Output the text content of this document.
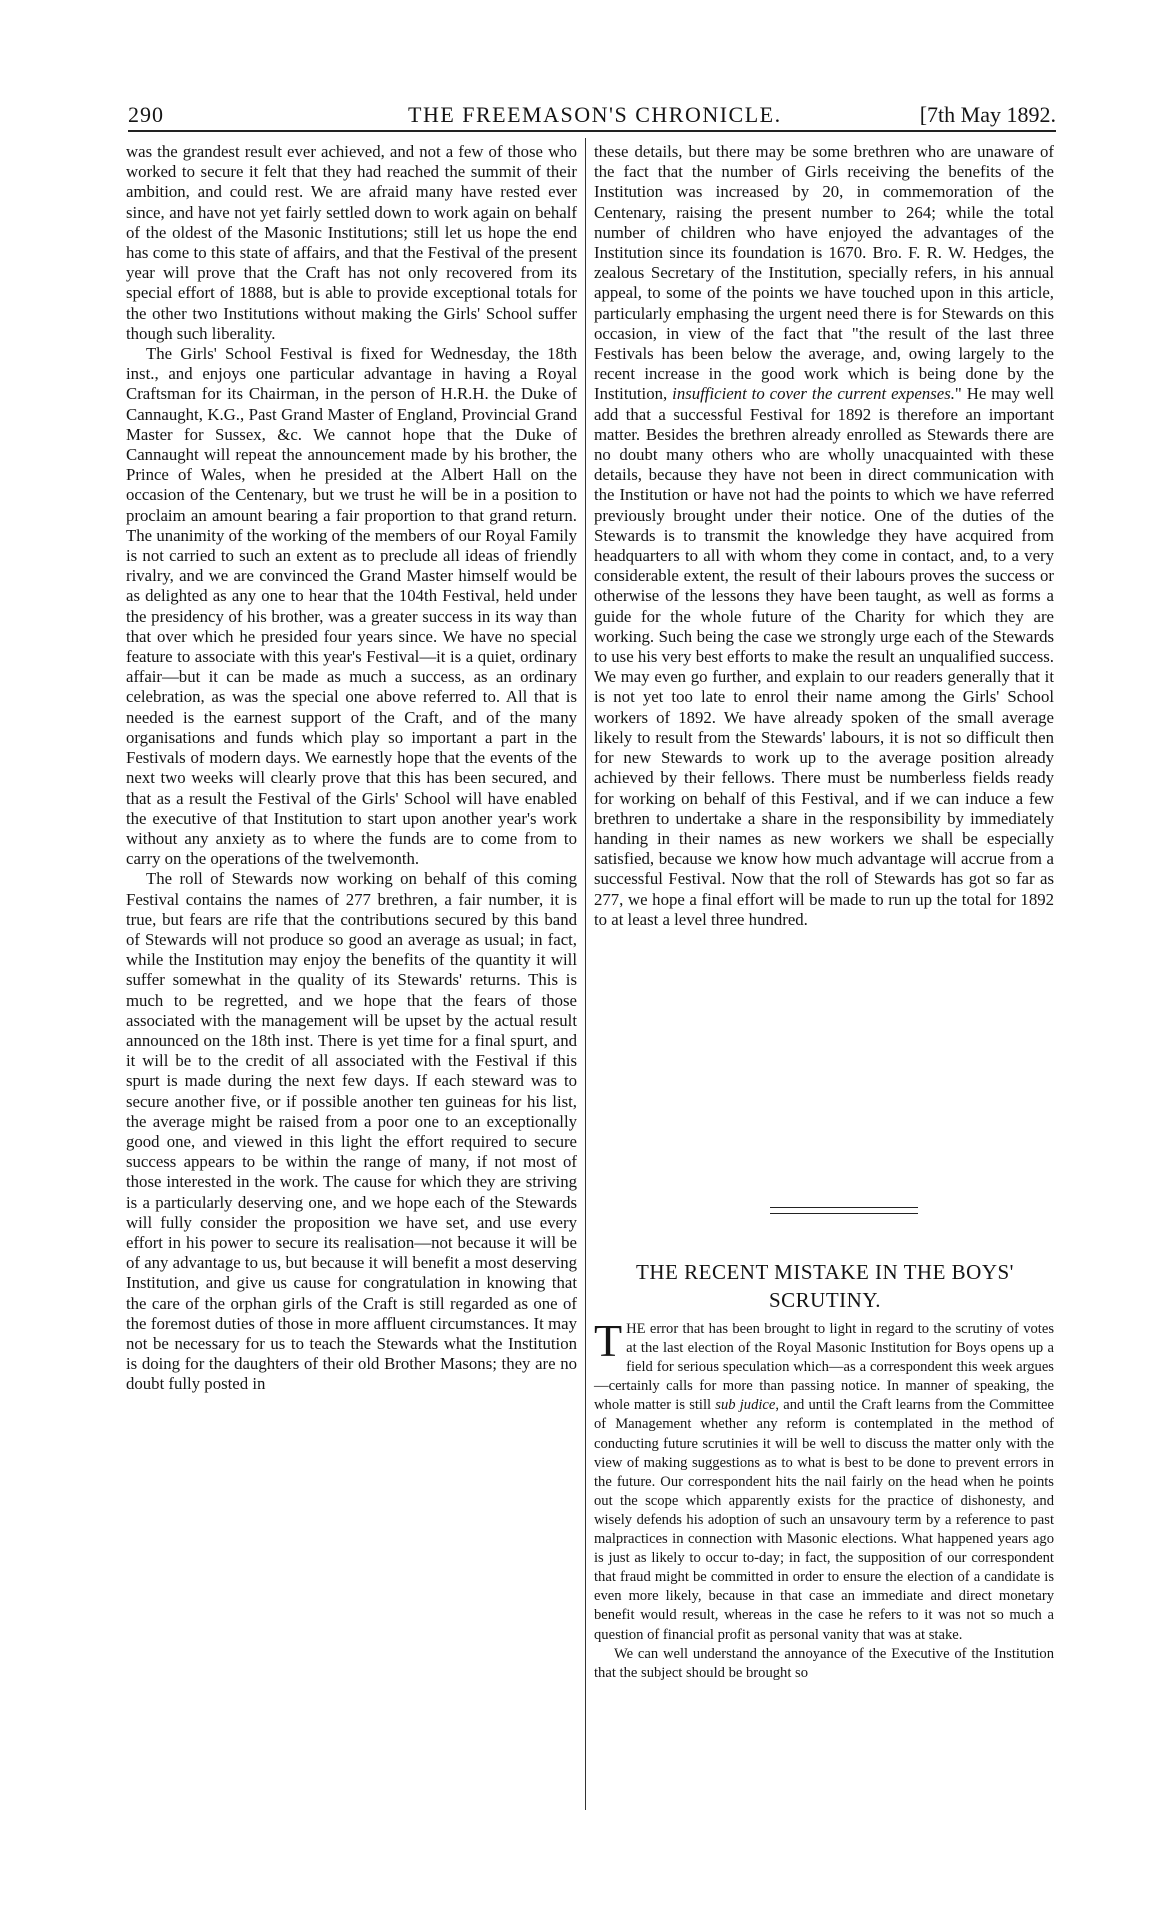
290	THE FREEMASON'S CHRONICLE.	[7th May 1892.

was the grandest result ever achieved, and not a few of those who worked to secure it felt that they had reached the summit of their ambition, and could rest. We are afraid many have rested ever since, and have not yet fairly settled down to work again on behalf of the oldest of the Masonic Institutions; still let us hope the end has come to this state of affairs, and that the Festival of the present year will prove that the Craft has not only recovered from its special effort of 1888, but is able to provide exceptional totals for the other two Institutions without making the Girls' School suffer though such liberality.

The Girls' School Festival is fixed for Wednesday, the 18th inst., and enjoys one particular advantage in having a Royal Craftsman for its Chairman, in the person of H.R.H. the Duke of Cannaught, K.G., Past Grand Master of England, Provincial Grand Master for Sussex, &c. We cannot hope that the Duke of Cannaught will repeat the announcement made by his brother, the Prince of Wales, when he presided at the Albert Hall on the occasion of the Centenary, but we trust he will be in a position to proclaim an amount bearing a fair proportion to that grand return. The unanimity of the working of the members of our Royal Family is not carried to such an extent as to preclude all ideas of friendly rivalry, and we are convinced the Grand Master himself would be as delighted as any one to hear that the 104th Festival, held under the presidency of his brother, was a greater success in its way than that over which he presided four years since. We have no special feature to associate with this year's Festival—it is a quiet, ordinary affair—but it can be made as much a success, as an ordinary celebration, as was the special one above referred to. All that is needed is the earnest support of the Craft, and of the many organisations and funds which play so important a part in the Festivals of modern days. We earnestly hope that the events of the next two weeks will clearly prove that this has been secured, and that as a result the Festival of the Girls' School will have enabled the executive of that Institution to start upon another year's work without any anxiety as to where the funds are to come from to carry on the operations of the twelvemonth.

The roll of Stewards now working on behalf of this coming Festival contains the names of 277 brethren, a fair number, it is true, but fears are rife that the contributions secured by this band of Stewards will not produce so good an average as usual; in fact, while the Institution may enjoy the benefits of the quantity it will suffer somewhat in the quality of its Stewards' returns. This is much to be regretted, and we hope that the fears of those associated with the management will be upset by the actual result announced on the 18th inst. There is yet time for a final spurt, and it will be to the credit of all associated with the Festival if this spurt is made during the next few days. If each steward was to secure another five, or if possible another ten guineas for his list, the average might be raised from a poor one to an exceptionally good one, and viewed in this light the effort required to secure success appears to be within the range of many, if not most of those interested in the work. The cause for which they are striving is a particularly deserving one, and we hope each of the Stewards will fully consider the proposition we have set, and use every effort in his power to secure its realisation—not because it will be of any advantage to us, but because it will benefit a most deserving Institution, and give us cause for congratulation in knowing that the care of the orphan girls of the Craft is still regarded as one of the foremost duties of those in more affluent circumstances. It may not be necessary for us to teach the Stewards what the Institution is doing for the daughters of their old Brother Masons; they are no doubt fully posted in

these details, but there may be some brethren who are unaware of the fact that the number of Girls receiving the benefits of the Institution was increased by 20, in commemoration of the Centenary, raising the present number to 264; while the total number of children who have enjoyed the advantages of the Institution since its foundation is 1670. Bro. F. R. W. Hedges, the zealous Secretary of the Institution, specially refers, in his annual appeal, to some of the points we have touched upon in this article, particularly emphasing the urgent need there is for Stewards on this occasion, in view of the fact that "the result of the last three Festivals has been below the average, and, owing largely to the recent increase in the good work which is being done by the Institution, insufficient to cover the current expenses." He may well add that a successful Festival for 1892 is therefore an important matter. Besides the brethren already enrolled as Stewards there are no doubt many others who are wholly unacquainted with these details, because they have not been in direct communication with the Institution or have not had the points to which we have referred previously brought under their notice. One of the duties of the Stewards is to transmit the knowledge they have acquired from headquarters to all with whom they come in contact, and, to a very considerable extent, the result of their labours proves the success or otherwise of the lessons they have been taught, as well as forms a guide for the whole future of the Charity for which they are working. Such being the case we strongly urge each of the Stewards to use his very best efforts to make the result an unqualified success. We may even go further, and explain to our readers generally that it is not yet too late to enrol their name among the Girls' School workers of 1892. We have already spoken of the small average likely to result from the Stewards' labours, it is not so difficult then for new Stewards to work up to the average position already achieved by their fellows. There must be numberless fields ready for working on behalf of this Festival, and if we can induce a few brethren to undertake a share in the responsibility by immediately handing in their names as new workers we shall be especially satisfied, because we know how much advantage will accrue from a successful Festival. Now that the roll of Stewards has got so far as 277, we hope a final effort will be made to run up the total for 1892 to at least a level three hundred.

THE RECENT MISTAKE IN THE BOYS' SCRUTINY.

THE error that has been brought to light in regard to the scrutiny of votes at the last election of the Royal Masonic Institution for Boys opens up a field for serious speculation which—as a correspondent this week argues—certainly calls for more than passing notice. In manner of speaking, the whole matter is still sub judice, and until the Craft learns from the Committee of Management whether any reform is contemplated in the method of conducting future scrutinies it will be well to discuss the matter only with the view of making suggestions as to what is best to be done to prevent errors in the future. Our correspondent hits the nail fairly on the head when he points out the scope which apparently exists for the practice of dishonesty, and wisely defends his adoption of such an unsavoury term by a reference to past malpractices in connection with Masonic elections. What happened years ago is just as likely to occur to-day; in fact, the supposition of our correspondent that fraud might be committed in order to ensure the election of a candidate is even more likely, because in that case an immediate and direct monetary benefit would result, whereas in the case he refers to it was not so much a question of financial profit as personal vanity that was at stake.

We can well understand the annoyance of the Executive of the Institution that the subject should be brought so
